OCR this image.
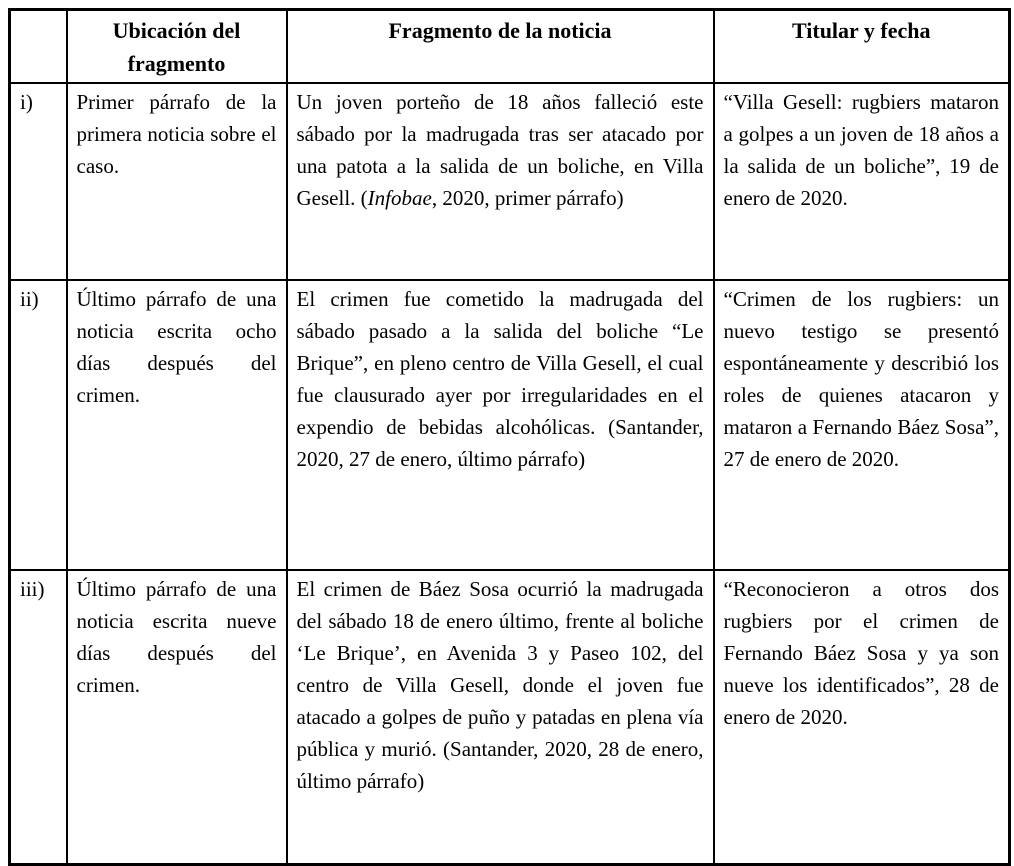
	Ubicación del fragmento	Fragmento de la noticia	Titular y fecha
i)	Primer párrafo de la primera noticia sobre el caso.	Un joven porteño de 18 años falleció este sábado por la madrugada tras ser atacado por una patota a la salida de un boliche, en Villa Gesell. (Infobae, 2020, primer párrafo)	“Villa Gesell: rugbiers mataron a golpes a un joven de 18 años a la salida de un boliche”, 19 de enero de 2020.
ii)	Último párrafo de una noticia escrita ocho días después del crimen.	El crimen fue cometido la madrugada del sábado pasado a la salida del boliche “Le Brique”, en pleno centro de Villa Gesell, el cual fue clausurado ayer por irregularidades en el expendio de bebidas alcohólicas. (Santander, 2020, 27 de enero, último párrafo)	“Crimen de los rugbiers: un nuevo testigo se presentó espontáneamente y describió los roles de quienes atacaron y mataron a Fernando Báez Sosa”, 27 de enero de 2020.
iii)	Último párrafo de una noticia escrita nueve días después del crimen.	El crimen de Báez Sosa ocurrió la madrugada del sábado 18 de enero último, frente al boliche ‘Le Brique’, en Avenida 3 y Paseo 102, del centro de Villa Gesell, donde el joven fue atacado a golpes de puño y patadas en plena vía pública y murió. (Santander, 2020, 28 de enero, último párrafo)	“Reconocieron a otros dos rugbiers por el crimen de Fernando Báez Sosa y ya son nueve los identificados”, 28 de enero de 2020.
